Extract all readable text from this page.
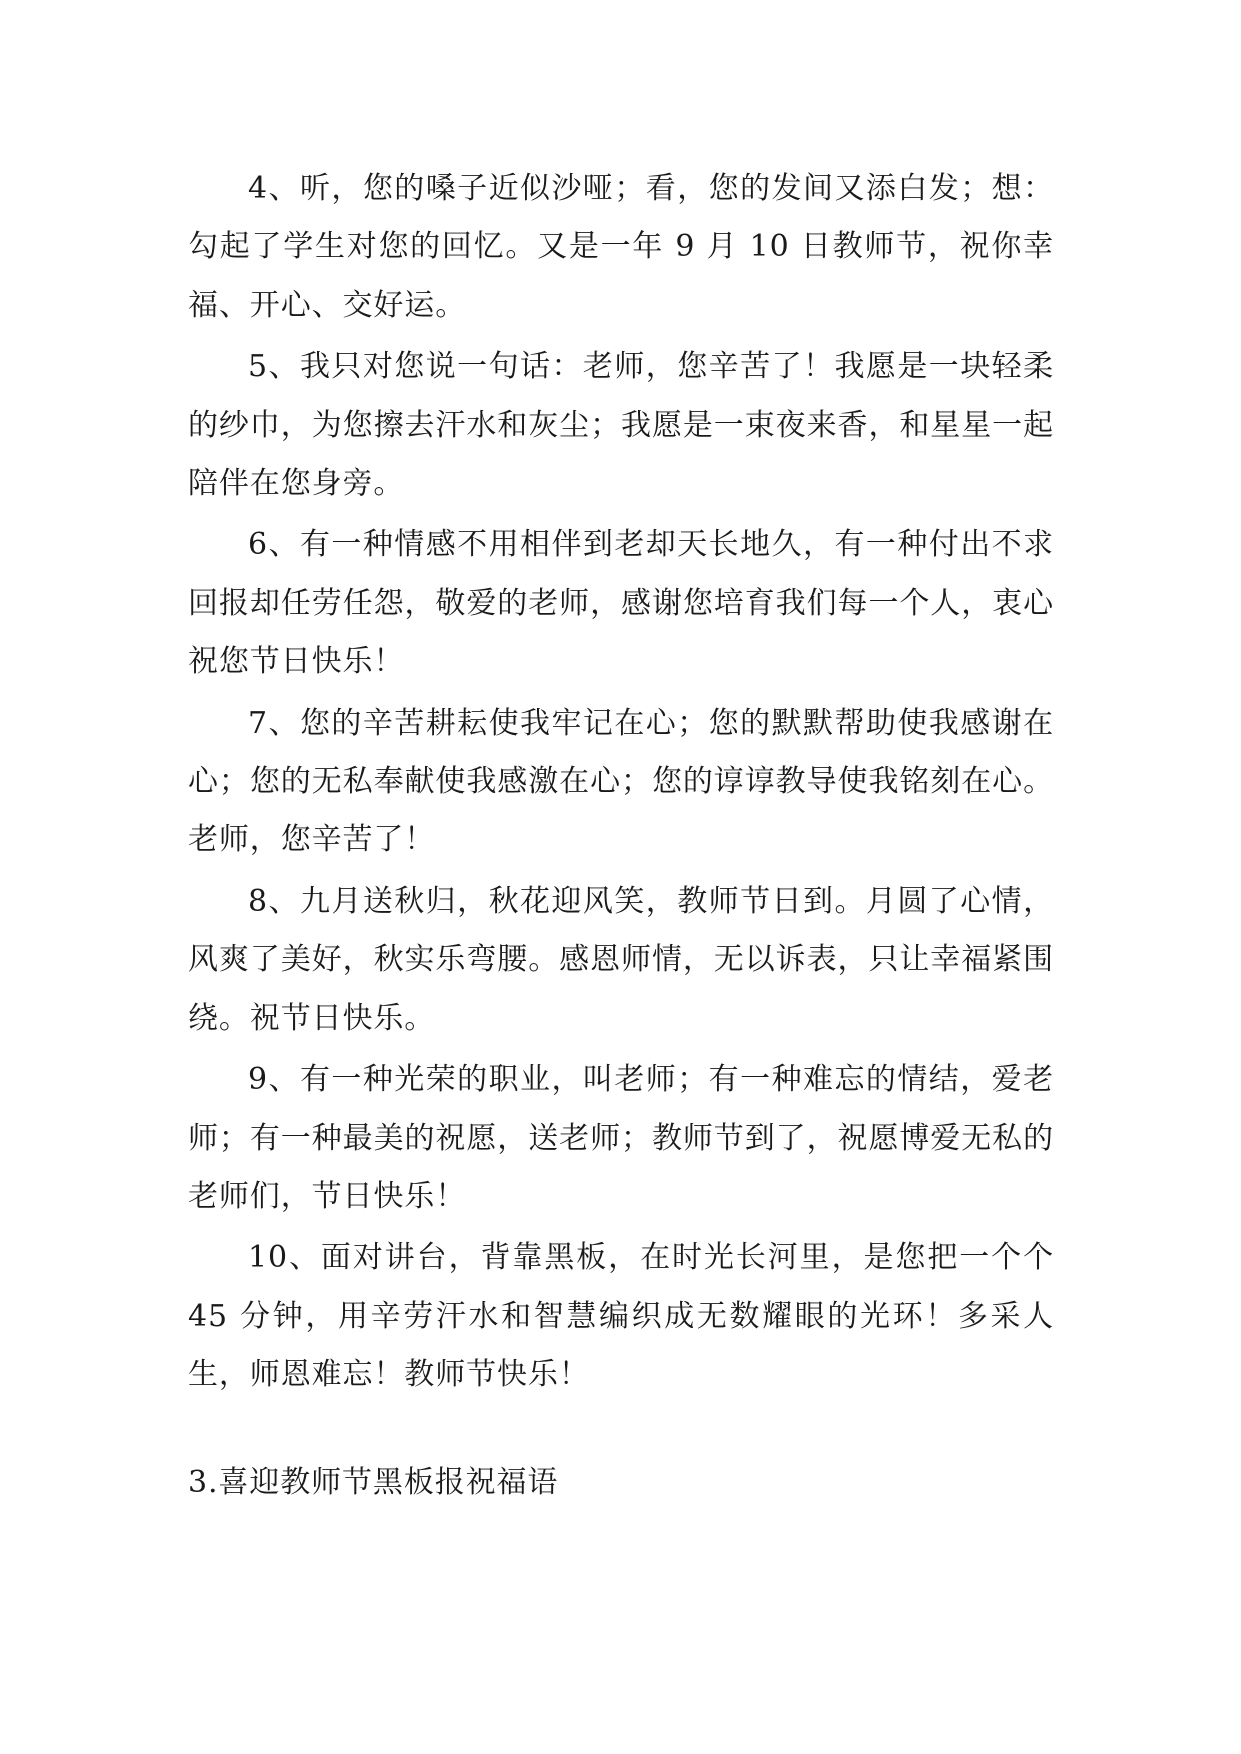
4、听，您的嗓子近似沙哑；看，您的发间又添白发；想：勾起了学生对您的回忆。又是一年 9 月 10 日教师节，祝你幸福、开心、交好运。

5、我只对您说一句话：老师，您辛苦了！我愿是一块轻柔的纱巾，为您擦去汗水和灰尘；我愿是一束夜来香，和星星一起陪伴在您身旁。

6、有一种情感不用相伴到老却天长地久，有一种付出不求回报却任劳任怨，敬爱的老师，感谢您培育我们每一个人，衷心祝您节日快乐！

7、您的辛苦耕耘使我牢记在心；您的默默帮助使我感谢在心；您的无私奉献使我感激在心；您的谆谆教导使我铭刻在心。老师，您辛苦了！

8、九月送秋归，秋花迎风笑，教师节日到。月圆了心情，风爽了美好，秋实乐弯腰。感恩师情，无以诉表，只让幸福紧围绕。祝节日快乐。

9、有一种光荣的职业，叫老师；有一种难忘的情结，爱老师；有一种最美的祝愿，送老师；教师节到了，祝愿博爱无私的老师们，节日快乐！

10、面对讲台，背靠黑板，在时光长河里，是您把一个个 45 分钟，用辛劳汗水和智慧编织成无数耀眼的光环！多采人生，师恩难忘！教师节快乐！

3.喜迎教师节黑板报祝福语
